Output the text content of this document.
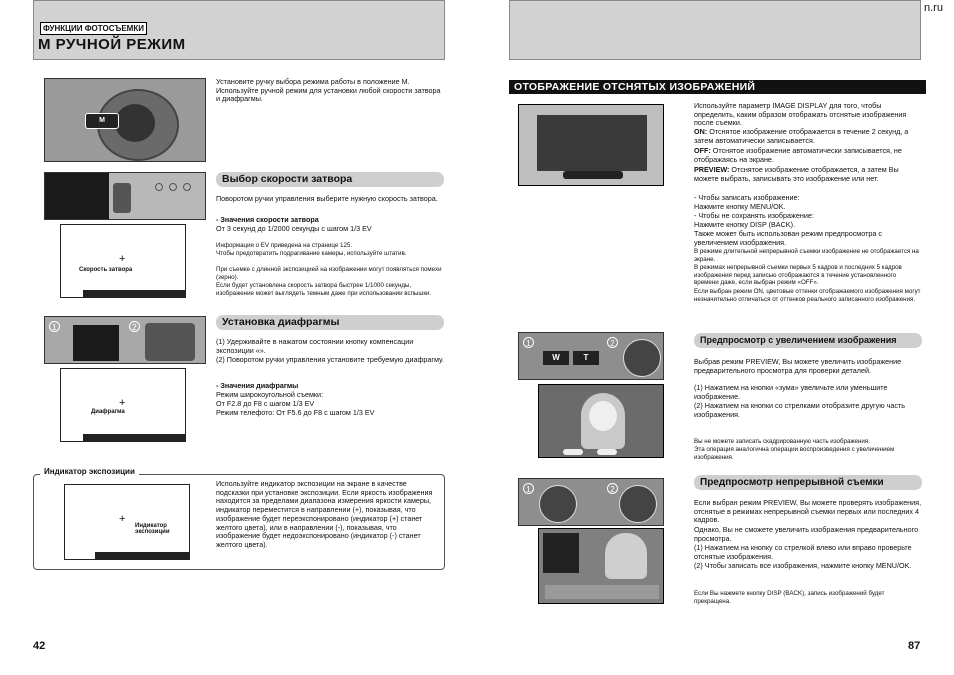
ФУНКЦИИ ФОТОСЪЕМКИ
M РУЧНОЙ РЕЖИМ
M
Установите ручку выбора режима работы в положение M. Используйте ручной режим для установки любой скорости затвора и диафрагмы.
+
Скорость затвора
Выбор скорости затвора
Поворотом ручки управления выберите нужную скорость затвора.
- Значения скорости затвора
От 3 секунд до 1/2000 секунды с шагом 1/3 EV
Информация о EV приведена на странице 125.
Чтобы предотвратить подрагивание камеры, используйте штатив.
При съемке с длинной экспозицией на изображении могут появляться помехи (зерно).
Если будет установлена скорость затвора быстрее 1/1000 секунды, изображение может выглядеть темным даже при использовании вспышки.
1	2
+
Диафрагма
Установка диафрагмы
(1) Удерживайте в нажатом состоянии кнопку компенсации экспозиции «».
(2) Поворотом ручки управления установите требуемую диафрагму.
- Значения диафрагмы
Режим широкоугольной съемки:
От F2.8 до F8 с шагом 1/3 EV
Режим телефото: От F5.6 до F8 с шагом 1/3 EV
Индикатор экспозиции
+
Индикатор экспозиции
Используйте индикатор экспозиции на экране в качестве подсказки при установке экспозиции. Если яркость изображения находится за пределами диапазона измерения яркости камеры, индикатор переместится в направлении (+), показывая, что изображение будет переэкспонировано (индикатор (+) станет желтого цвета), или в направлении (-), показывая, что изображение будет недоэкспонировано (индикатор (-) станет желтого цвета).
42
n.ru
ОТОБРАЖЕНИЕ ОТСНЯТЫХ ИЗОБРАЖЕНИЙ
Используйте параметр IMAGE DISPLAY для того, чтобы определить, каким образом отображать отснятые изображения после съемки.
ON: Отснятое изображение отображается в течение 2 секунд, а затем автоматически записывается.
OFF: Отснятое изображение автоматически записывается, не отображаясь на экране.
PREVIEW: Отснятое изображение отображается, а затем Вы можете выбрать, записывать это изображение или нет.
- Чтобы записать изображение:
Нажмите кнопку MENU/OK.
- Чтобы не сохранять изображение:
Нажмите кнопку DISP (BACK).
Также может быть использован режим предпросмотра с увеличением изображения.
В режиме длительной непрерывной съемки изображение не отображается на экране.
В режимах непрерывной съемки первых 5 кадров и последних 5 кадров изображения перед записью отображаются в течение установленного времени даже, если выбран режим «OFF».
Если выбран режим ON, цветовые оттенки отображаемого изображения могут незначительно отличаться от оттенков реального записанного изображения.
1
W	T
2	Предпросмотр с увеличением изображения
Выбрав режим PREVIEW, Вы можете увеличить изображение предварительного просмотра для проверки деталей.
(1) Нажатием на кнопки «зума» увеличьте или уменьшите изображение.
(2) Нажатием на кнопки со стрелками отобразите другую часть изображения.
Вы не можете записать скадрированную часть изображения.
Эта операция аналогична операции воспроизведения с увеличением изображения.
1	2
Предпросмотр непрерывной съемки
Если выбран режим PREVIEW, Вы можете проверять изображения, отснятые в режимах непрерывной съемки первых или последних 4 кадров.
Однако, Вы не сможете увеличить изображения предварительного просмотра.
(1) Нажатием на кнопку со стрелкой влево или вправо проверьте отснятые изображения.
(2) Чтобы записать все изображения, нажмите кнопку MENU/OK.
Если Вы нажмете кнопку DISP (BACK), запись изображений будет прекращена.
87
